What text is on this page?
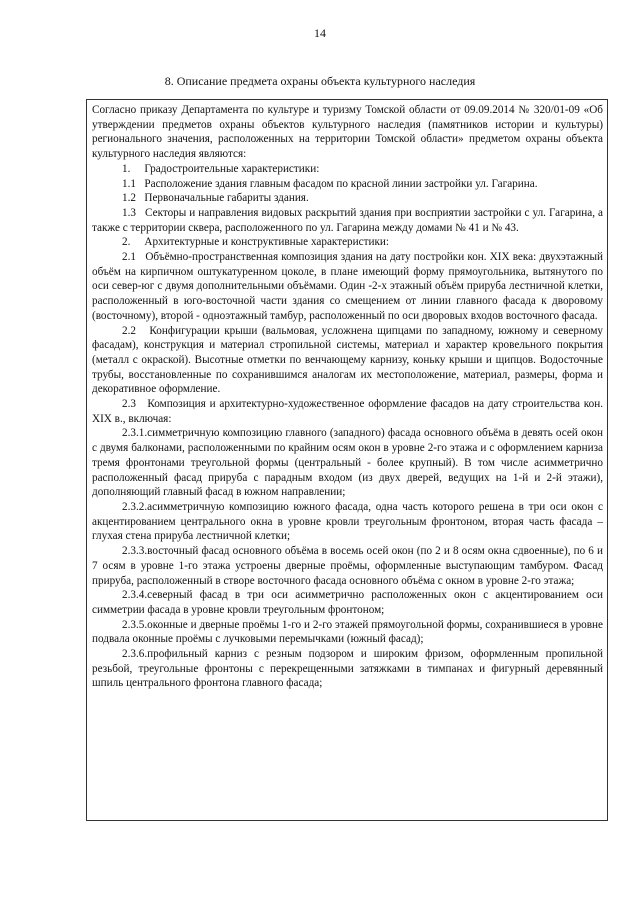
14
8. Описание предмета охраны объекта культурного наследия

Согласно приказу Департамента по культуре и туризму Томской области от 09.09.2014 № 320/01-09 «Об утверждении предметов охраны объектов культурного наследия (памятников истории и культуры) регионального значения, расположенных на территории Томской области» предметом охраны объекта культурного наследия являются:

1.     Градостроительные характеристики:

1.1   Расположение здания главным фасадом по красной линии застройки ул. Гагарина.

1.2   Первоначальные габариты здания.

1.3   Секторы и направления видовых раскрытий здания при восприятии застройки с ул. Гагарина, а также с территории сквера, расположенного по ул. Гагарина между домами № 41 и № 43.

2.     Архитектурные и конструктивные характеристики:

2.1   Объёмно-пространственная композиция здания на дату постройки кон. XIX века: двухэтажный объём на кирпичном оштукатуренном цоколе, в плане имеющий форму прямоугольника, вытянутого по оси север-юг с двумя дополнительными объёмами. Один -2-х этажный объём прируба лестничной клетки, расположенный в юго-восточной части здания со смещением от линии главного фасада к дворовому (восточному), второй - одноэтажный тамбур, расположенный по оси дворовых входов восточного фасада.

2.2   Конфигурации крыши (вальмовая, усложнена щипцами по западному, южному и северному фасадам), конструкция и материал стропильной системы, материал и характер кровельного покрытия (металл с окраской). Высотные отметки по венчающему карнизу, коньку крыши и щипцов. Водосточные трубы, восстановленные по сохранившимся аналогам их местоположение, материал, размеры, форма и декоративное оформление.

2.3   Композиция и архитектурно-художественное оформление фасадов на дату строительства кон. XIX в., включая:

2.3.1.симметричную композицию главного (западного) фасада основного объёма в девять осей окон с двумя балконами, расположенными по крайним осям окон в уровне 2-го этажа и с оформлением карниза тремя фронтонами треугольной формы (центральный - более крупный). В том числе асимметрично расположенный фасад прируба с парадным входом (из двух дверей, ведущих на 1-й и 2-й этажи), дополняющий главный фасад в южном направлении;

2.3.2.асимметричную композицию южного фасада, одна часть которого решена в три оси окон с акцентированием центрального окна в уровне кровли треугольным фронтоном, вторая часть фасада – глухая стена прируба лестничной клетки;

2.3.3.восточный фасад основного объёма в восемь осей окон (по 2 и 8 осям окна сдвоенные), по 6 и 7 осям в уровне 1-го этажа устроены дверные проёмы, оформленные выступающим тамбуром. Фасад прируба, расположенный в створе восточного фасада основного объёма с окном в уровне 2-го этажа;

2.3.4.северный фасад в три оси асимметрично расположенных окон с акцентированием оси симметрии фасада в уровне кровли треугольным фронтоном;

2.3.5.оконные и дверные проёмы 1-го и 2-го этажей прямоугольной формы, сохранившиеся в уровне подвала оконные проёмы с лучковыми перемычками (южный фасад);

2.3.6.профильный карниз с резным подзором и широким фризом, оформленным пропильной резьбой, треугольные фронтоны с перекрещенными затяжками в тимпанах и фигурный деревянный шпиль центрального фронтона главного фасада;
